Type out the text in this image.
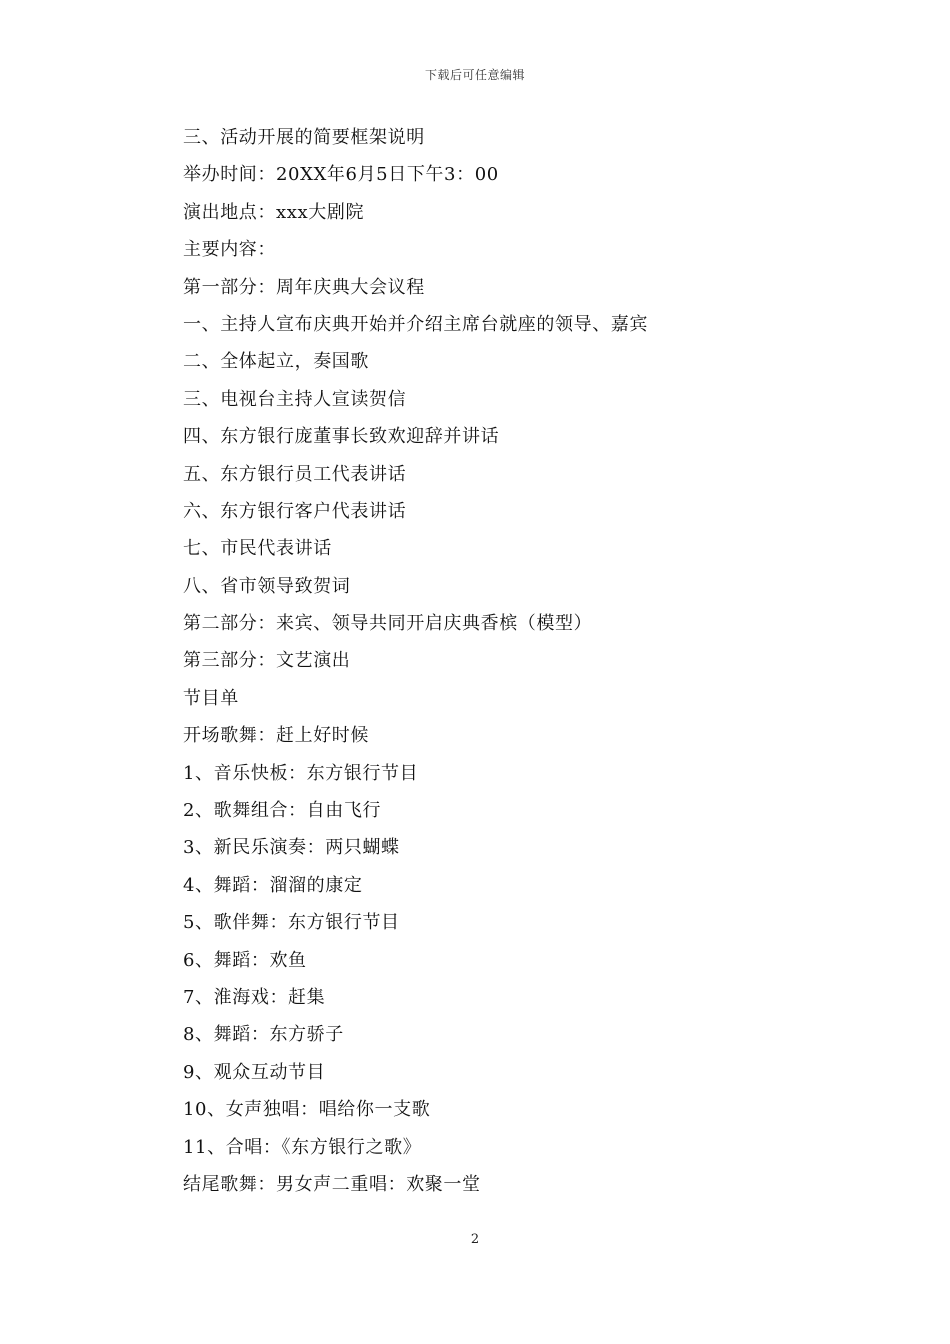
下载后可任意编辑
三、活动开展的简要框架说明
举办时间：20XX年6月5日下午3：00
演出地点：xxx大剧院
主要内容：
第一部分：周年庆典大会议程
一、主持人宣布庆典开始并介绍主席台就座的领导、嘉宾
二、全体起立，奏国歌
三、电视台主持人宣读贺信
四、东方银行庞董事长致欢迎辞并讲话
五、东方银行员工代表讲话
六、东方银行客户代表讲话
七、市民代表讲话
八、省市领导致贺词
第二部分：来宾、领导共同开启庆典香槟（模型）
第三部分：文艺演出
节目单
开场歌舞：赶上好时候
1、音乐快板：东方银行节目
2、歌舞组合：自由飞行
3、新民乐演奏：两只蝴蝶
4、舞蹈：溜溜的康定
5、歌伴舞：东方银行节目
6、舞蹈：欢鱼
7、淮海戏：赶集
8、舞蹈：东方骄子
9、观众互动节目
10、女声独唱：唱给你一支歌
11、合唱：《东方银行之歌》
结尾歌舞：男女声二重唱：欢聚一堂
2
